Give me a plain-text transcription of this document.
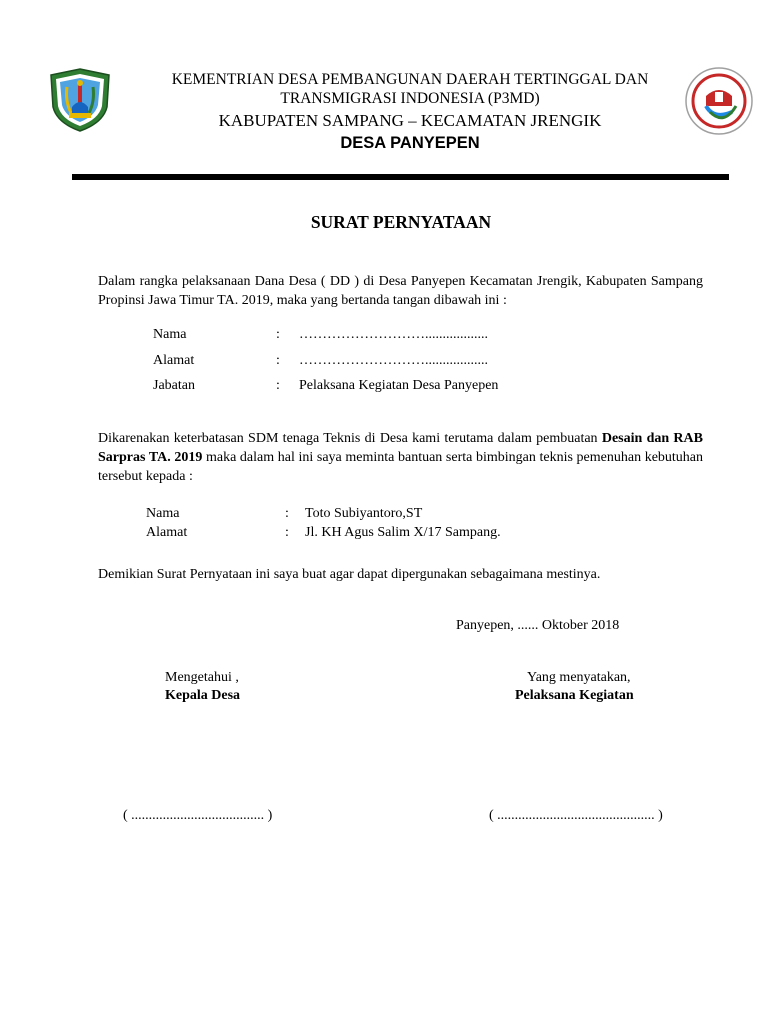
KEMENTRIAN DESA PEMBANGUNAN DAERAH TERTINGGAL DAN
TRANSMIGRASI INDONESIA (P3MD)
KABUPATEN SAMPANG – KECAMATAN JRENGIK
DESA PANYEPEN
SURAT PERNYATAAN
Dalam rangka pelaksanaan Dana Desa ( DD ) di Desa Panyepen Kecamatan Jrengik, Kabupaten Sampang Propinsi Jawa Timur TA. 2019, maka yang bertanda tangan dibawah ini :
Nama	: ………………………..................
Alamat	: ………………………..................
Jabatan	: Pelaksana Kegiatan Desa Panyepen
Dikarenakan keterbatasan SDM tenaga Teknis di Desa kami terutama dalam pembuatan Desain dan RAB Sarpras TA. 2019 maka dalam hal ini saya meminta bantuan serta bimbingan teknis pemenuhan kebutuhan tersebut kepada :
Nama	: Toto Subiyantoro,ST
Alamat	: Jl. KH Agus Salim X/17 Sampang.
Demikian Surat Pernyataan ini saya buat agar dapat dipergunakan sebagaimana mestinya.
Panyepen, ...... Oktober 2018
Mengetahui ,
Kepala Desa
Yang menyatakan,
Pelaksana Kegiatan
( ...................................... )	( ............................................. )
